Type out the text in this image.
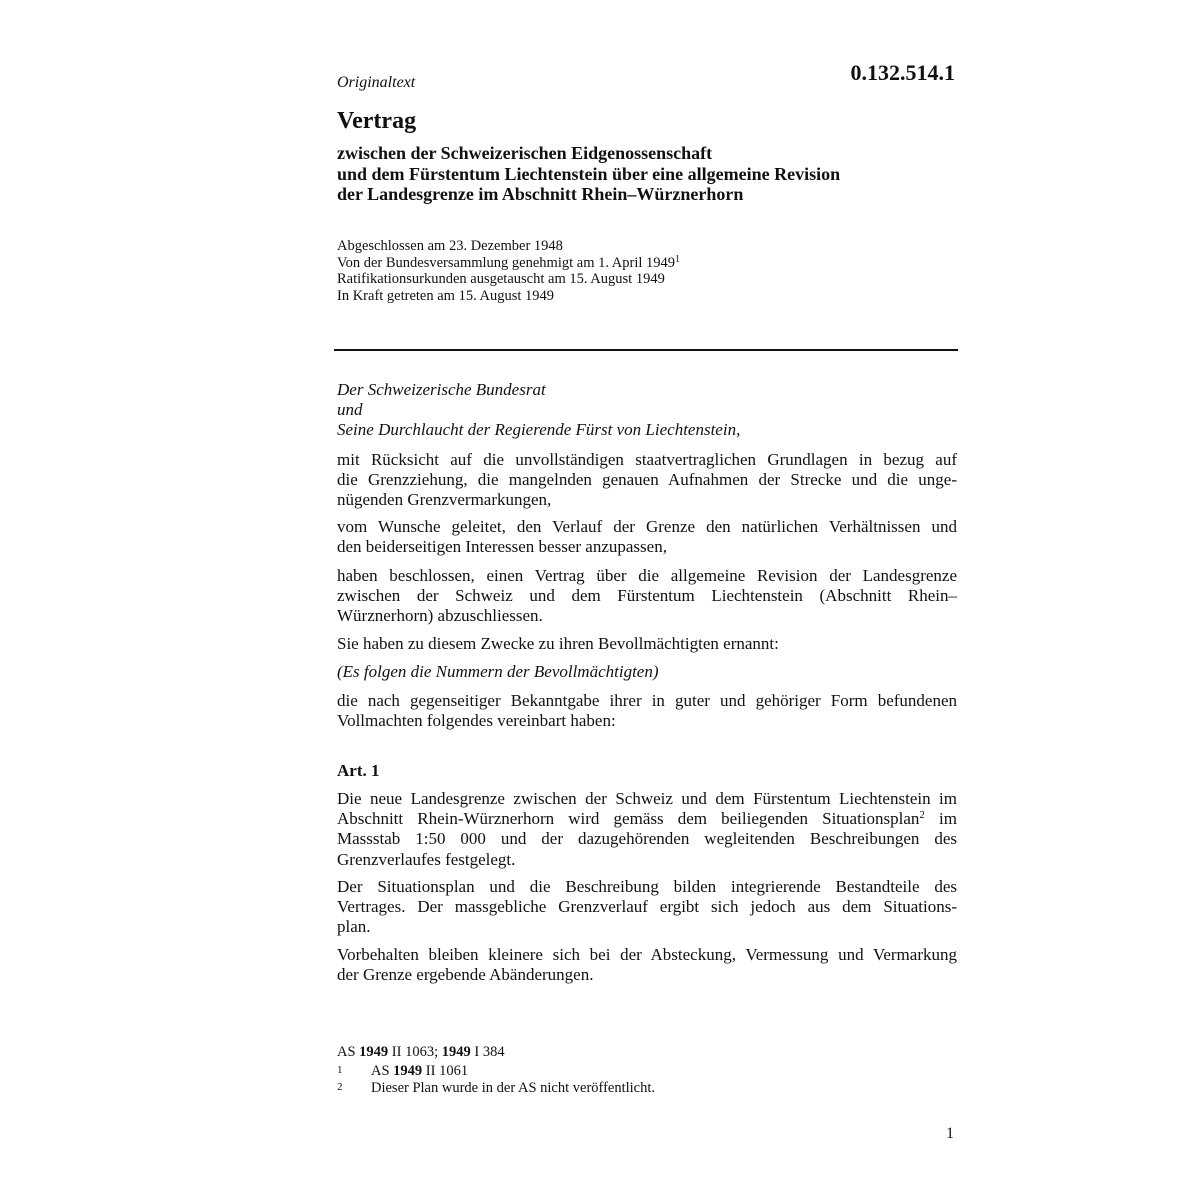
0.132.514.1
Originaltext
Vertrag
zwischen der Schweizerischen Eidgenossenschaft
und dem Fürstentum Liechtenstein über eine allgemeine Revision
der Landesgrenze im Abschnitt Rhein–Würznerhorn
Abgeschlossen am 23. Dezember 1948
Von der Bundesversammlung genehmigt am 1. April 1949$^1$
Ratifikationsurkunden ausgetauscht am 15. August 1949
In Kraft getreten am 15. August 1949
Der Schweizerische Bundesrat
und
Seine Durchlaucht der Regierende Fürst von Liechtenstein,
mit Rücksicht auf die unvollständigen staatvertraglichen Grundlagen in bezug auf
die Grenzziehung, die mangelnden genauen Aufnahmen der Strecke und die unge-
nügenden Grenzvermarkungen,
vom Wunsche geleitet, den Verlauf der Grenze den natürlichen Verhältnissen und
den beiderseitigen Interessen besser anzupassen,
haben beschlossen, einen Vertrag über die allgemeine Revision der Landesgrenze
zwischen der Schweiz und dem Fürstentum Liechtenstein (Abschnitt Rhein–
Würznerhorn) abzuschliessen.
Sie haben zu diesem Zwecke zu ihren Bevollmächtigten ernannt:
(Es folgen die Nummern der Bevollmächtigten)
die nach gegenseitiger Bekanntgabe ihrer in guter und gehöriger Form befundenen
Vollmachten folgendes vereinbart haben:
Art. 1
Die neue Landesgrenze zwischen der Schweiz und dem Fürstentum Liechtenstein im
Abschnitt Rhein-Würznerhorn wird gemäss dem beiliegenden Situationsplan$^2$ im
Massstab 1:50 000 und der dazugehörenden wegleitenden Beschreibungen des
Grenzverlaufes festgelegt.
Der Situationsplan und die Beschreibung bilden integrierende Bestandteile des
Vertrages. Der massgebliche Grenzverlauf ergibt sich jedoch aus dem Situations-
plan.
Vorbehalten bleiben kleinere sich bei der Absteckung, Vermessung und Vermarkung
der Grenze ergebende Abänderungen.
AS 1949 II 1063; 1949 I 384
1 AS 1949 II 1061
2 Dieser Plan wurde in der AS nicht veröffentlicht.
1
